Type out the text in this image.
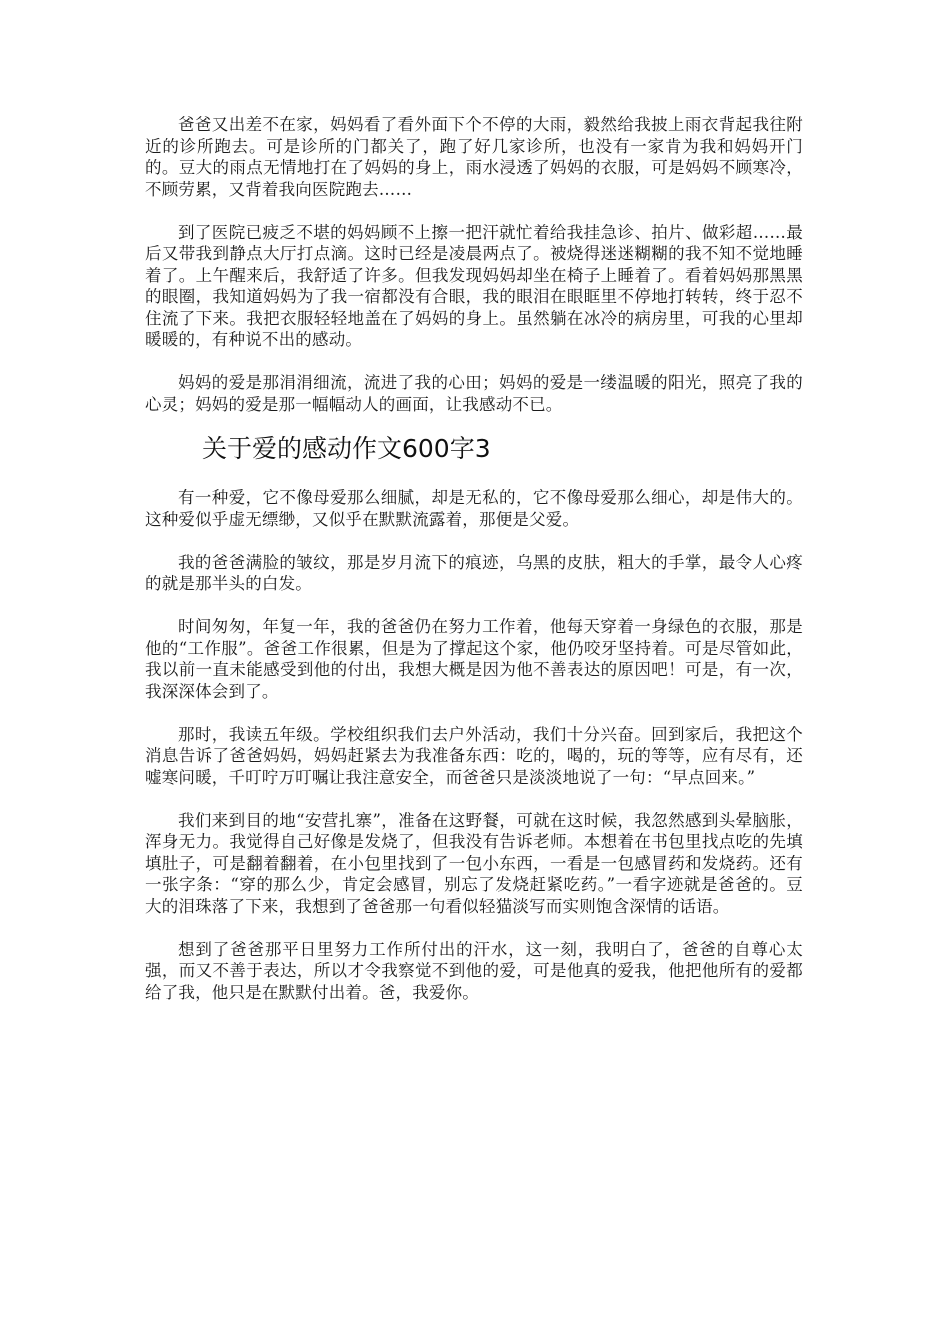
爸爸又出差不在家，妈妈看了看外面下个不停的大雨，毅然给我披上雨衣背起我往附近的诊所跑去。可是诊所的门都关了，跑了好几家诊所，也没有一家肯为我和妈妈开门的。豆大的雨点无情地打在了妈妈的身上，雨水浸透了妈妈的衣服，可是妈妈不顾寒冷，不顾劳累，又背着我向医院跑去……

到了医院已疲乏不堪的妈妈顾不上擦一把汗就忙着给我挂急诊、拍片、做彩超……最后又带我到静点大厅打点滴。这时已经是凌晨两点了。被烧得迷迷糊糊的我不知不觉地睡着了。上午醒来后，我舒适了许多。但我发现妈妈却坐在椅子上睡着了。看着妈妈那黑黑的眼圈，我知道妈妈为了我一宿都没有合眼，我的眼泪在眼眶里不停地打转转，终于忍不住流了下来。我把衣服轻轻地盖在了妈妈的身上。虽然躺在冰冷的病房里，可我的心里却暖暖的，有种说不出的感动。

妈妈的爱是那涓涓细流，流进了我的心田；妈妈的爱是一缕温暖的阳光，照亮了我的心灵；妈妈的爱是那一幅幅动人的画面，让我感动不已。

关于爱的感动作文600字3

有一种爱，它不像母爱那么细腻，却是无私的，它不像母爱那么细心，却是伟大的。这种爱似乎虚无缥缈，又似乎在默默流露着，那便是父爱。

我的爸爸满脸的皱纹，那是岁月流下的痕迹，乌黑的皮肤，粗大的手掌，最令人心疼的就是那半头的白发。

时间匆匆，年复一年，我的爸爸仍在努力工作着，他每天穿着一身绿色的衣服，那是他的“工作服”。爸爸工作很累，但是为了撑起这个家，他仍咬牙坚持着。可是尽管如此，我以前一直未能感受到他的付出，我想大概是因为他不善表达的原因吧！可是，有一次，我深深体会到了。

那时，我读五年级。学校组织我们去户外活动，我们十分兴奋。回到家后，我把这个消息告诉了爸爸妈妈，妈妈赶紧去为我准备东西：吃的，喝的，玩的等等，应有尽有，还嘘寒问暖，千叮咛万叮嘱让我注意安全，而爸爸只是淡淡地说了一句：“早点回来。”

我们来到目的地“安营扎寨”，准备在这野餐，可就在这时候，我忽然感到头晕脑胀，浑身无力。我觉得自己好像是发烧了，但我没有告诉老师。本想着在书包里找点吃的先填填肚子，可是翻着翻着，在小包里找到了一包小东西，一看是一包感冒药和发烧药。还有一张字条：“穿的那么少，肯定会感冒，别忘了发烧赶紧吃药。”一看字迹就是爸爸的。豆大的泪珠落了下来，我想到了爸爸那一句看似轻猫淡写而实则饱含深情的话语。

想到了爸爸那平日里努力工作所付出的汗水，这一刻，我明白了，爸爸的自尊心太强，而又不善于表达，所以才令我察觉不到他的爱，可是他真的爱我，他把他所有的爱都给了我，他只是在默默付出着。爸，我爱你。
